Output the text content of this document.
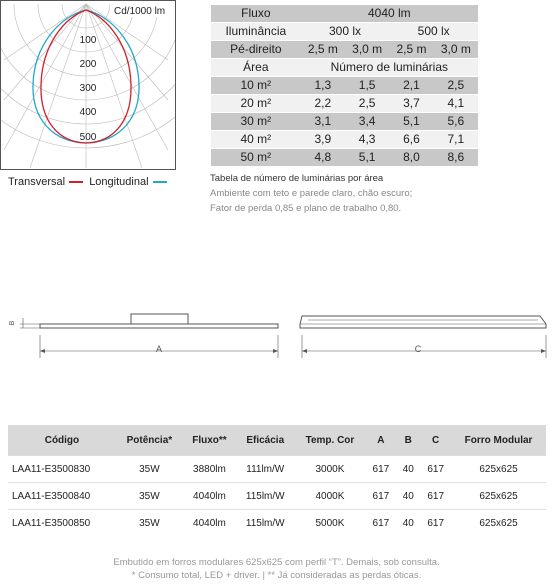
Cd/1000 lm
100
200
300
400
500
Transversal Longitudinal
Fluxo	4040 lm			
Iluminância	300 lx		500 lx	
Pé-direito	2,5 m	3,0 m	2,5 m	3,0 m
Área	Número de luminárias			
10 m²	1,3	1,5	2,1	2,5
20 m²	2,2	2,5	3,7	4,1
30 m²	3,1	3,4	5,1	5,6
40 m²	3,9	4,3	6,6	7,1
50 m²	4,8	5,1	8,0	8,6
Tabela de número de luminárias por área
Ambiente com teto e parede claro, chão escuro;
Fator de perda 0,85 e plano de trabalho 0,80.
B
A	C
Código	Potência*	Fluxo**	Eficácia	Temp. Cor	A	B	C	Forro Modular
LAA11-E3500830	35W	3880lm	111lm/W	3000K	617	40	617	625x625
LAA11-E3500840	35W	4040lm	115lm/W	4000K	617	40	617	625x625
LAA11-E3500850	35W	4040lm	115lm/W	5000K	617	40	617	625x625
Embutido em forros modulares 625x625 com perfil “T”. Demais, sob consulta.
* Consumo total, LED + driver. | ** Já consideradas as perdas óticas.
